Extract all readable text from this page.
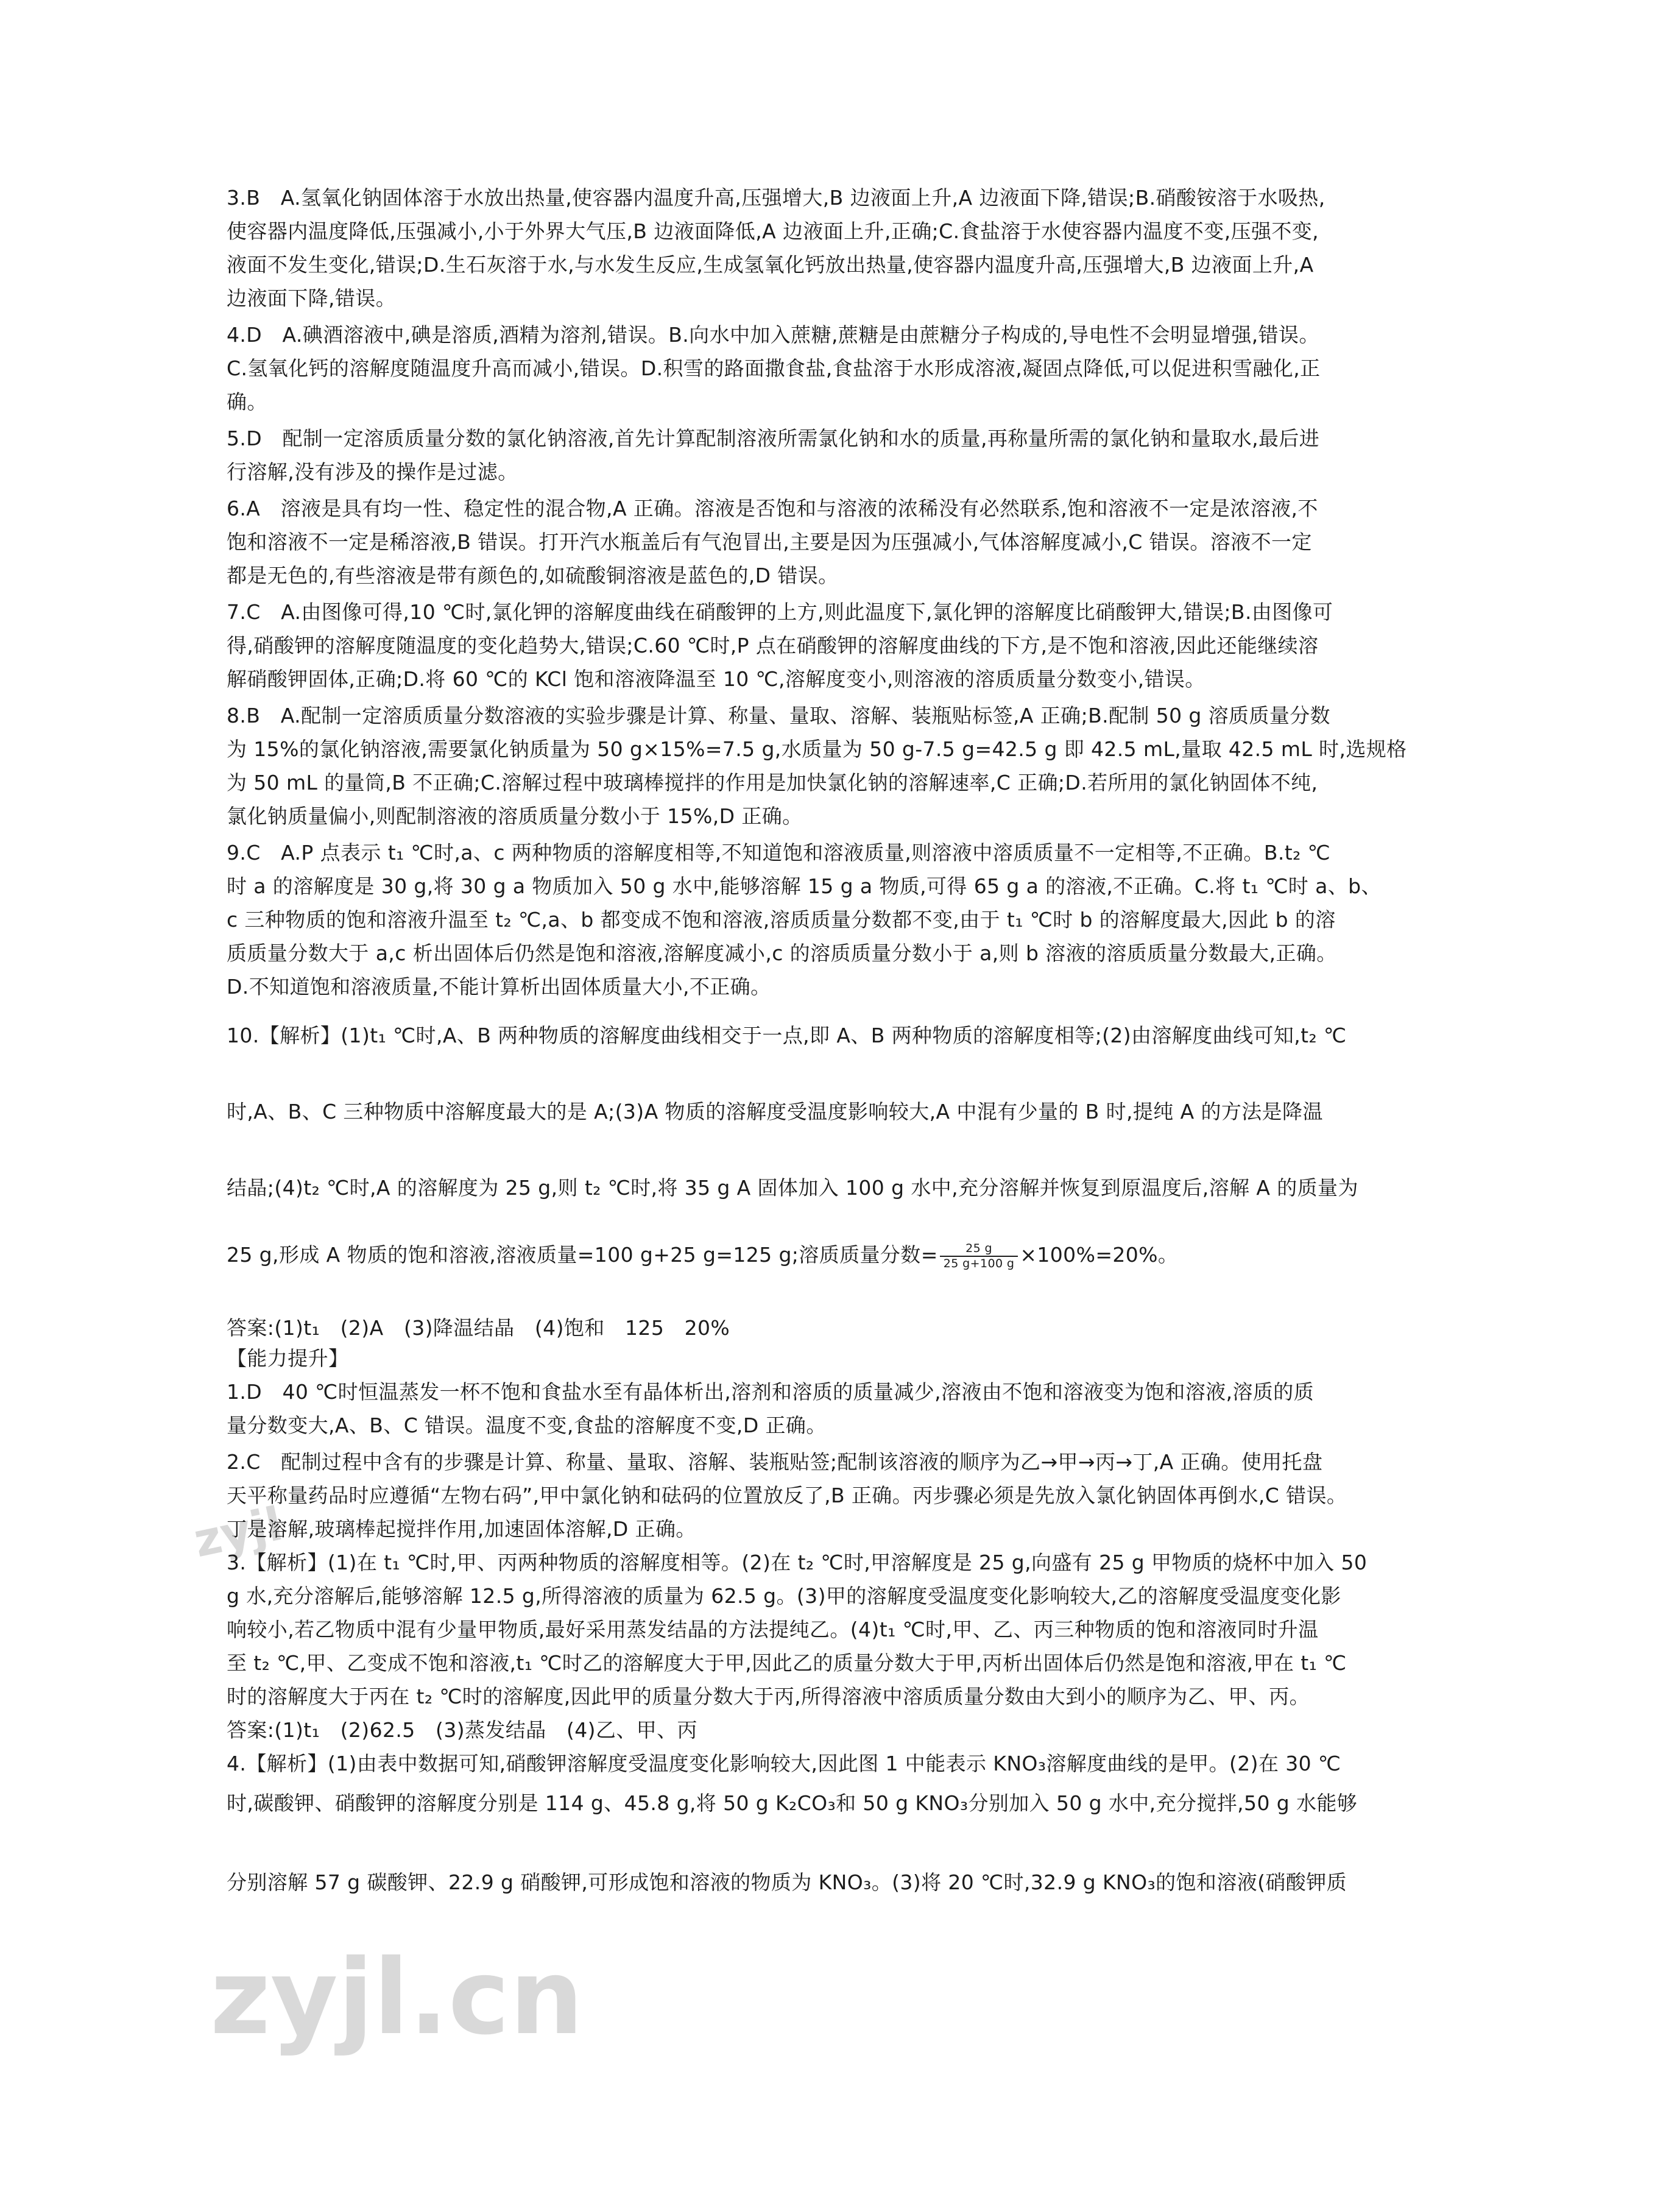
zyjl
zyjl.cn
3.B　A.氢氧化钠固体溶于水放出热量,使容器内温度升高,压强增大,B 边液面上升,A 边液面下降,错误;B.硝酸铵溶于水吸热,
使容器内温度降低,压强减小,小于外界大气压,B 边液面降低,A 边液面上升,正确;C.食盐溶于水使容器内温度不变,压强不变,
液面不发生变化,错误;D.生石灰溶于水,与水发生反应,生成氢氧化钙放出热量,使容器内温度升高,压强增大,B 边液面上升,A
边液面下降,错误。
4.D　A.碘酒溶液中,碘是溶质,酒精为溶剂,错误。B.向水中加入蔗糖,蔗糖是由蔗糖分子构成的,导电性不会明显增强,错误。
C.氢氧化钙的溶解度随温度升高而减小,错误。D.积雪的路面撒食盐,食盐溶于水形成溶液,凝固点降低,可以促进积雪融化,正
确。
5.D　配制一定溶质质量分数的氯化钠溶液,首先计算配制溶液所需氯化钠和水的质量,再称量所需的氯化钠和量取水,最后进
行溶解,没有涉及的操作是过滤。
6.A　溶液是具有均一性、稳定性的混合物,A 正确。溶液是否饱和与溶液的浓稀没有必然联系,饱和溶液不一定是浓溶液,不
饱和溶液不一定是稀溶液,B 错误。打开汽水瓶盖后有气泡冒出,主要是因为压强减小,气体溶解度减小,C 错误。溶液不一定
都是无色的,有些溶液是带有颜色的,如硫酸铜溶液是蓝色的,D 错误。
7.C　A.由图像可得,10 ℃时,氯化钾的溶解度曲线在硝酸钾的上方,则此温度下,氯化钾的溶解度比硝酸钾大,错误;B.由图像可
得,硝酸钾的溶解度随温度的变化趋势大,错误;C.60 ℃时,P 点在硝酸钾的溶解度曲线的下方,是不饱和溶液,因此还能继续溶
解硝酸钾固体,正确;D.将 60 ℃的 KCl 饱和溶液降温至 10 ℃,溶解度变小,则溶液的溶质质量分数变小,错误。
8.B　A.配制一定溶质质量分数溶液的实验步骤是计算、称量、量取、溶解、装瓶贴标签,A 正确;B.配制 50 g 溶质质量分数
为 15%的氯化钠溶液,需要氯化钠质量为 50 g×15%=7.5 g,水质量为 50 g-7.5 g=42.5 g 即 42.5 mL,量取 42.5 mL 时,选规格
为 50 mL 的量筒,B 不正确;C.溶解过程中玻璃棒搅拌的作用是加快氯化钠的溶解速率,C 正确;D.若所用的氯化钠固体不纯,
氯化钠质量偏小,则配制溶液的溶质质量分数小于 15%,D 正确。
9.C　A.P 点表示 t₁ ℃时,a、c 两种物质的溶解度相等,不知道饱和溶液质量,则溶液中溶质质量不一定相等,不正确。B.t₂ ℃
时 a 的溶解度是 30 g,将 30 g a 物质加入 50 g 水中,能够溶解 15 g a 物质,可得 65 g a 的溶液,不正确。C.将 t₁ ℃时 a、b、
c 三种物质的饱和溶液升温至 t₂ ℃,a、b 都变成不饱和溶液,溶质质量分数都不变,由于 t₁ ℃时 b 的溶解度最大,因此 b 的溶
质质量分数大于 a,c 析出固体后仍然是饱和溶液,溶解度减小,c 的溶质质量分数小于 a,则 b 溶液的溶质质量分数最大,正确。
D.不知道饱和溶液质量,不能计算析出固体质量大小,不正确。
10.【解析】(1)t₁ ℃时,A、B 两种物质的溶解度曲线相交于一点,即 A、B 两种物质的溶解度相等;(2)由溶解度曲线可知,t₂ ℃
时,A、B、C 三种物质中溶解度最大的是 A;(3)A 物质的溶解度受温度影响较大,A 中混有少量的 B 时,提纯 A 的方法是降温
结晶;(4)t₂ ℃时,A 的溶解度为 25 g,则 t₂ ℃时,将 35 g A 固体加入 100 g 水中,充分溶解并恢复到原温度后,溶解 A 的质量为
答案:(1)t₁　(2)A　(3)降温结晶　(4)饱和　125　20%
【能力提升】
1.D　40 ℃时恒温蒸发一杯不饱和食盐水至有晶体析出,溶剂和溶质的质量减少,溶液由不饱和溶液变为饱和溶液,溶质的质
量分数变大,A、B、C 错误。温度不变,食盐的溶解度不变,D 正确。
2.C　配制过程中含有的步骤是计算、称量、量取、溶解、装瓶贴签;配制该溶液的顺序为乙→甲→丙→丁,A 正确。使用托盘
天平称量药品时应遵循“左物右码”,甲中氯化钠和砝码的位置放反了,B 正确。丙步骤必须是先放入氯化钠固体再倒水,C 错误。
丁是溶解,玻璃棒起搅拌作用,加速固体溶解,D 正确。
3.【解析】(1)在 t₁ ℃时,甲、丙两种物质的溶解度相等。(2)在 t₂ ℃时,甲溶解度是 25 g,向盛有 25 g 甲物质的烧杯中加入 50
g 水,充分溶解后,能够溶解 12.5 g,所得溶液的质量为 62.5 g。(3)甲的溶解度受温度变化影响较大,乙的溶解度受温度变化影
响较小,若乙物质中混有少量甲物质,最好采用蒸发结晶的方法提纯乙。(4)t₁ ℃时,甲、乙、丙三种物质的饱和溶液同时升温
至 t₂ ℃,甲、乙变成不饱和溶液,t₁ ℃时乙的溶解度大于甲,因此乙的质量分数大于甲,丙析出固体后仍然是饱和溶液,甲在 t₁ ℃
时的溶解度大于丙在 t₂ ℃时的溶解度,因此甲的质量分数大于丙,所得溶液中溶质质量分数由大到小的顺序为乙、甲、丙。
答案:(1)t₁　(2)62.5　(3)蒸发结晶　(4)乙、甲、丙
4.【解析】(1)由表中数据可知,硝酸钾溶解度受温度变化影响较大,因此图 1 中能表示 KNO₃溶解度曲线的是甲。(2)在 30 ℃
时,碳酸钾、硝酸钾的溶解度分别是 114 g、45.8 g,将 50 g K₂CO₃和 50 g KNO₃分别加入 50 g 水中,充分搅拌,50 g 水能够
分别溶解 57 g 碳酸钾、22.9 g 硝酸钾,可形成饱和溶液的物质为 KNO₃。(3)将 20 ℃时,32.9 g KNO₃的饱和溶液(硝酸钾质
25 g,形成 A 物质的饱和溶液,溶液质量=100 g+25 g=125 g;溶质质量分数= $\frac{25 g}{25 g+100 g} \times 100\%=20\%$。
